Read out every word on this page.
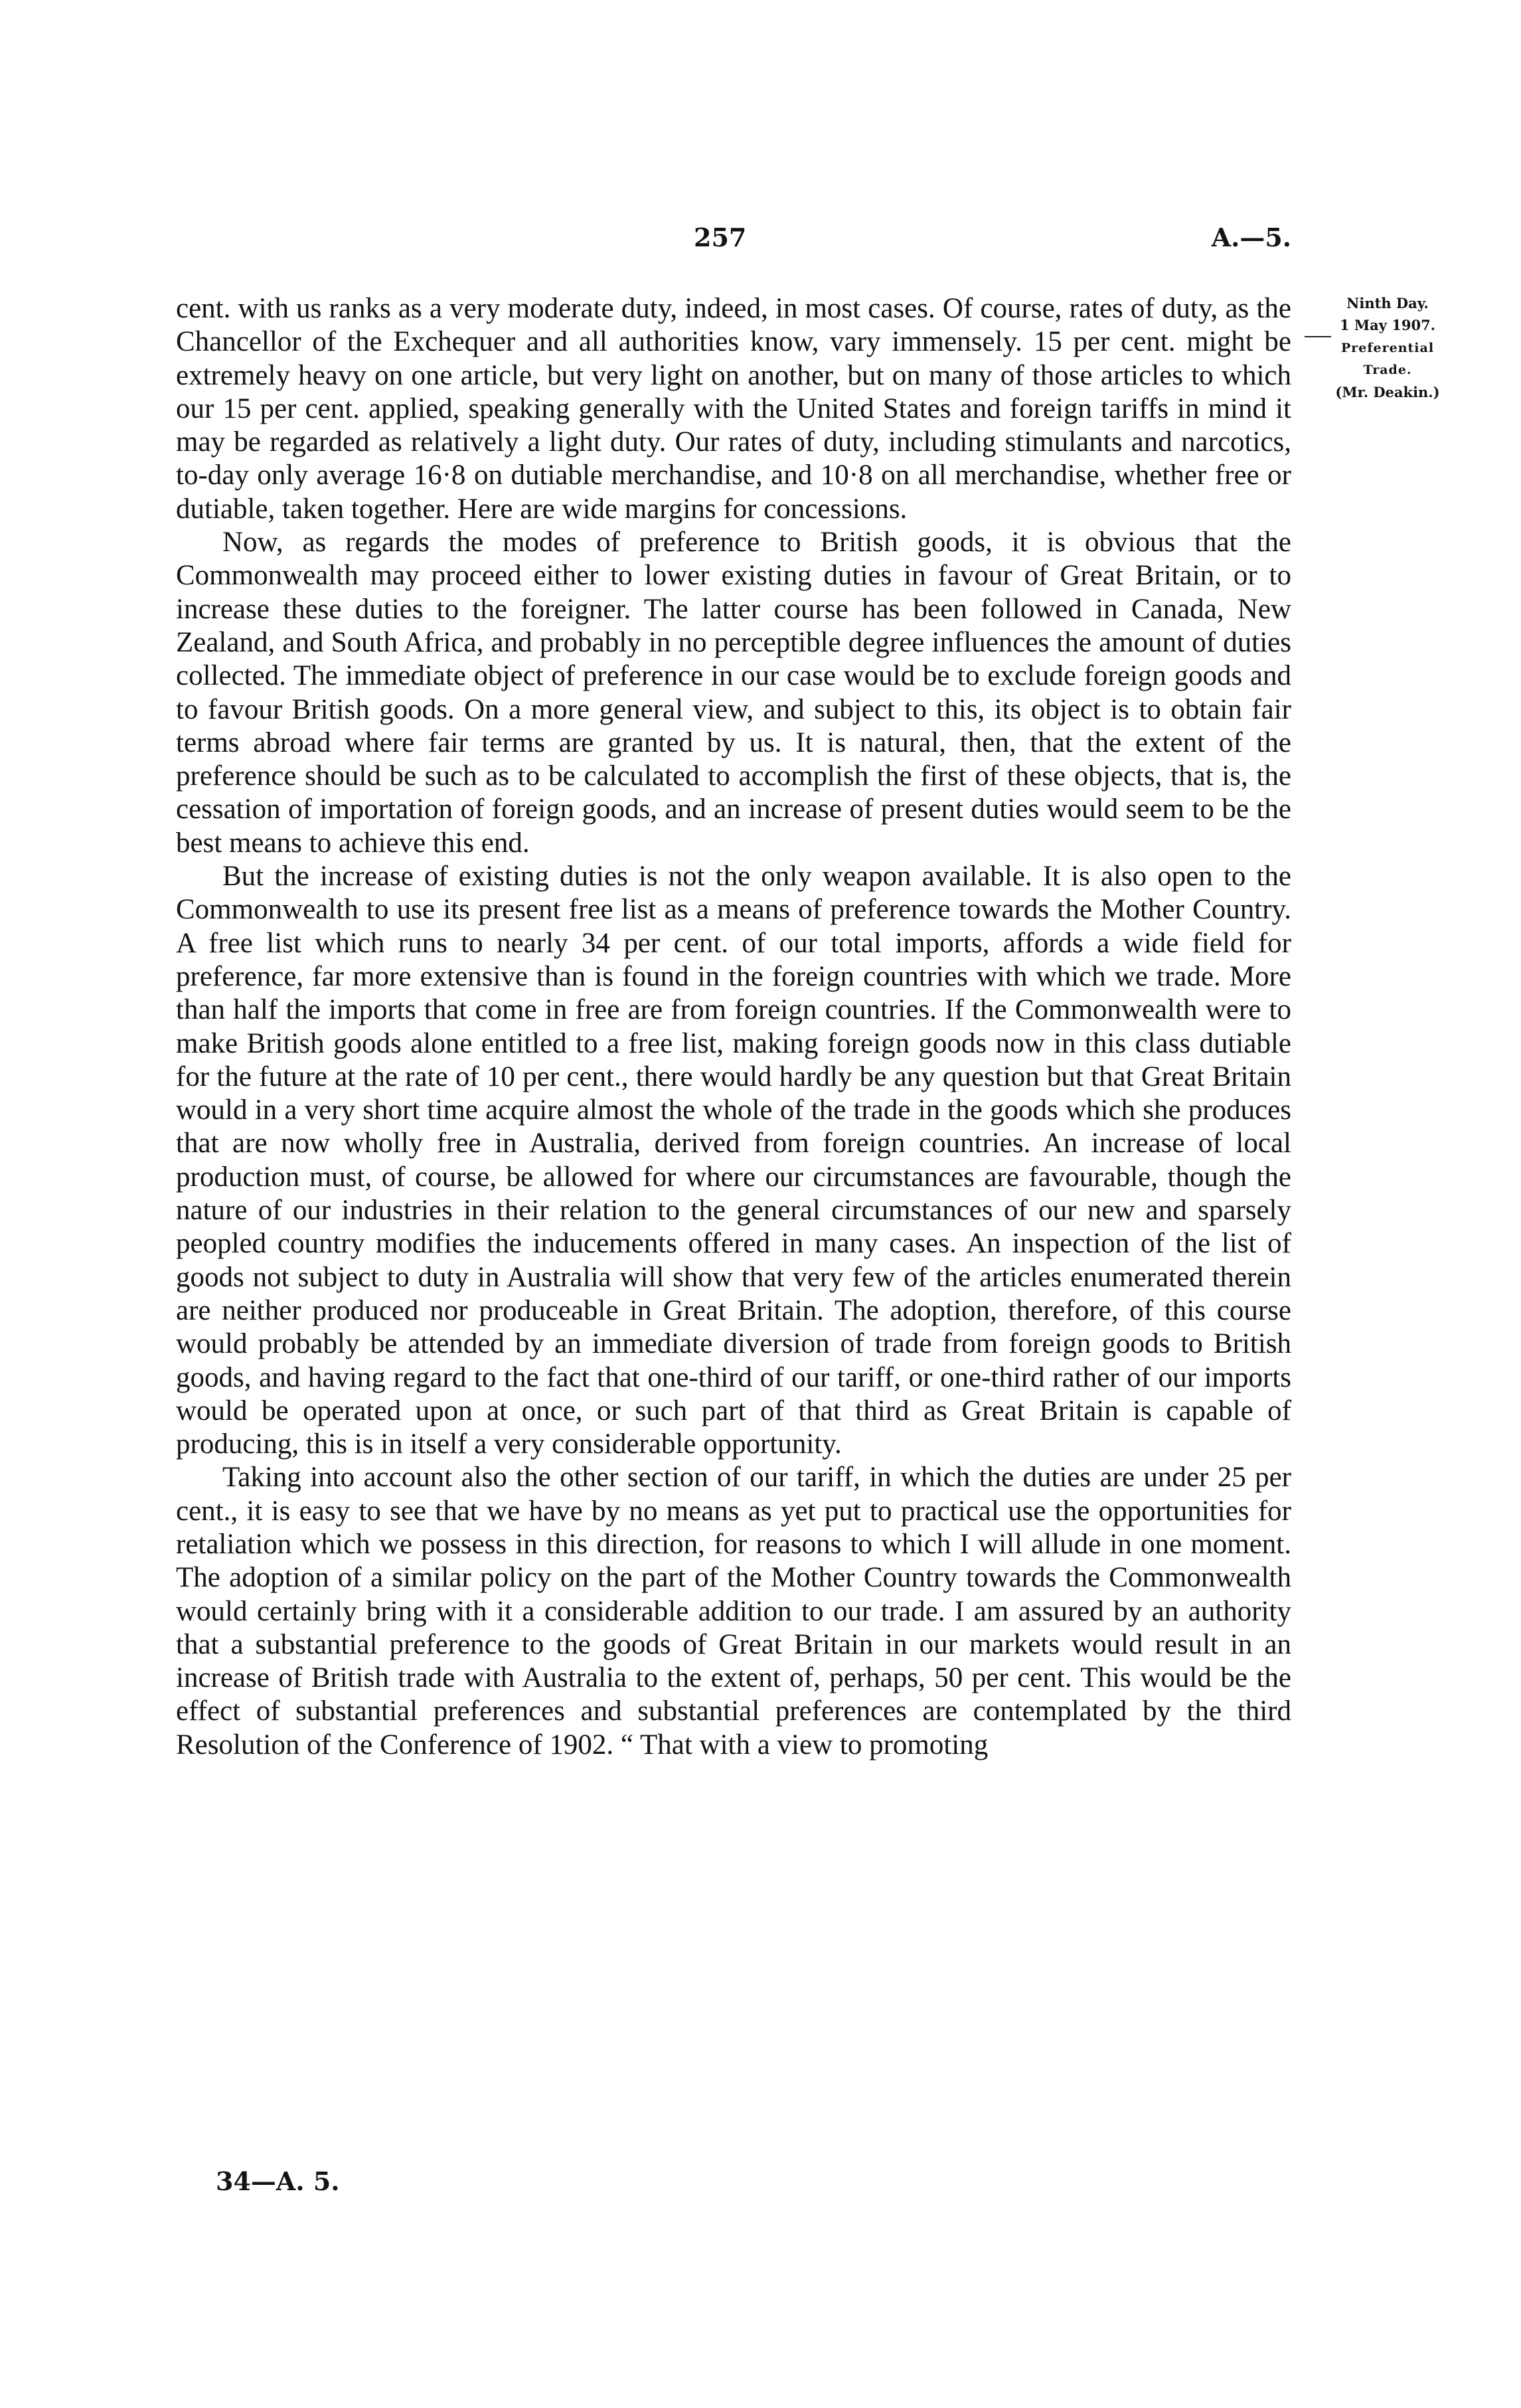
257	A.—5.
Ninth Day.
1 May 1907.
Preferential
Trade.
(Mr. Deakin.)

cent. with us ranks as a very moderate duty, indeed, in most cases. Of course, rates of duty, as the Chancellor of the Exchequer and all authorities know, vary immensely. 15 per cent. might be extremely heavy on one article, but very light on another, but on many of those articles to which our 15 per cent. applied, speaking generally with the United States and foreign tariffs in mind it may be regarded as relatively a light duty. Our rates of duty, including stimulants and narcotics, to-day only average 16·8 on dutiable merchandise, and 10·8 on all merchandise, whether free or dutiable, taken together. Here are wide margins for concessions.

Now, as regards the modes of preference to British goods, it is obvious that the Commonwealth may proceed either to lower existing duties in favour of Great Britain, or to increase these duties to the foreigner. The latter course has been followed in Canada, New Zealand, and South Africa, and probably in no perceptible degree influences the amount of duties collected. The immediate object of preference in our case would be to exclude foreign goods and to favour British goods. On a more general view, and subject to this, its object is to obtain fair terms abroad where fair terms are granted by us. It is natural, then, that the extent of the preference should be such as to be calculated to accomplish the first of these objects, that is, the cessation of importation of foreign goods, and an increase of present duties would seem to be the best means to achieve this end.

But the increase of existing duties is not the only weapon available. It is also open to the Commonwealth to use its present free list as a means of preference towards the Mother Country. A free list which runs to nearly 34 per cent. of our total imports, affords a wide field for preference, far more extensive than is found in the foreign countries with which we trade. More than half the imports that come in free are from foreign countries. If the Commonwealth were to make British goods alone entitled to a free list, making foreign goods now in this class dutiable for the future at the rate of 10 per cent., there would hardly be any question but that Great Britain would in a very short time acquire almost the whole of the trade in the goods which she produces that are now wholly free in Australia, derived from foreign countries. An increase of local production must, of course, be allowed for where our circumstances are favourable, though the nature of our industries in their relation to the general circumstances of our new and sparsely peopled country modifies the inducements offered in many cases. An inspection of the list of goods not subject to duty in Australia will show that very few of the articles enumerated therein are neither produced nor produceable in Great Britain. The adoption, therefore, of this course would probably be attended by an immediate diversion of trade from foreign goods to British goods, and having regard to the fact that one-third of our tariff, or one-third rather of our imports would be operated upon at once, or such part of that third as Great Britain is capable of producing, this is in itself a very considerable opportunity.

Taking into account also the other section of our tariff, in which the duties are under 25 per cent., it is easy to see that we have by no means as yet put to practical use the opportunities for retaliation which we possess in this direction, for reasons to which I will allude in one moment. The adoption of a similar policy on the part of the Mother Country towards the Commonwealth would certainly bring with it a considerable addition to our trade. I am assured by an authority that a substantial preference to the goods of Great Britain in our markets would result in an increase of British trade with Australia to the extent of, perhaps, 50 per cent. This would be the effect of substantial preferences and substantial preferences are contemplated by the third Resolution of the Conference of 1902. “ That with a view to promoting

34—A. 5.
